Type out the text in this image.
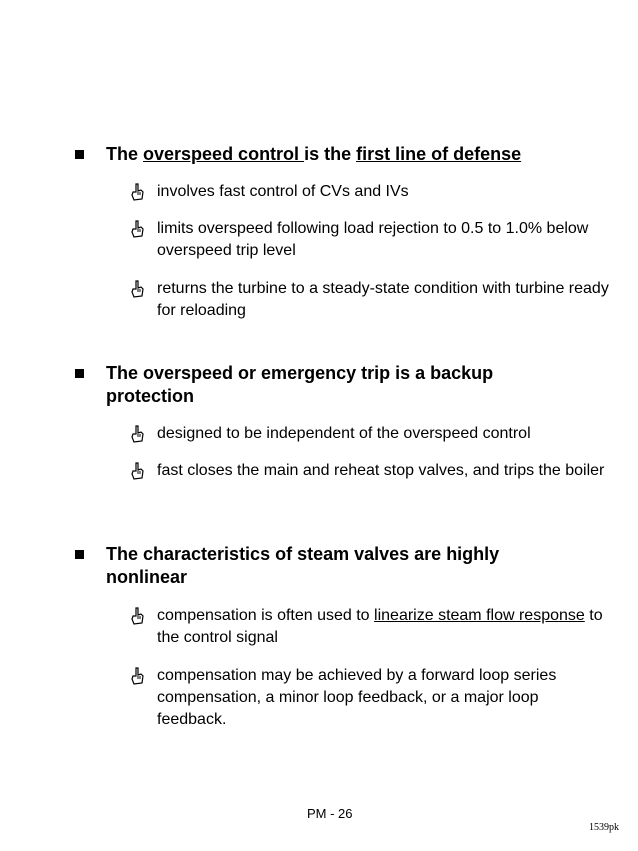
The overspeed control is the first line of defense
involves fast control of CVs and IVs
limits overspeed following load rejection to 0.5 to 1.0% below overspeed trip level
returns the turbine to a steady-state condition with turbine ready for reloading
The overspeed or emergency trip is a backup protection
designed to be independent of the overspeed control
fast closes the main and reheat stop valves, and trips the boiler
The characteristics of steam valves are highly nonlinear
compensation is often used to linearize steam flow response to the control signal
compensation may be achieved by a forward loop series compensation, a minor loop feedback, or a major loop feedback.
PM - 26
1539pk
